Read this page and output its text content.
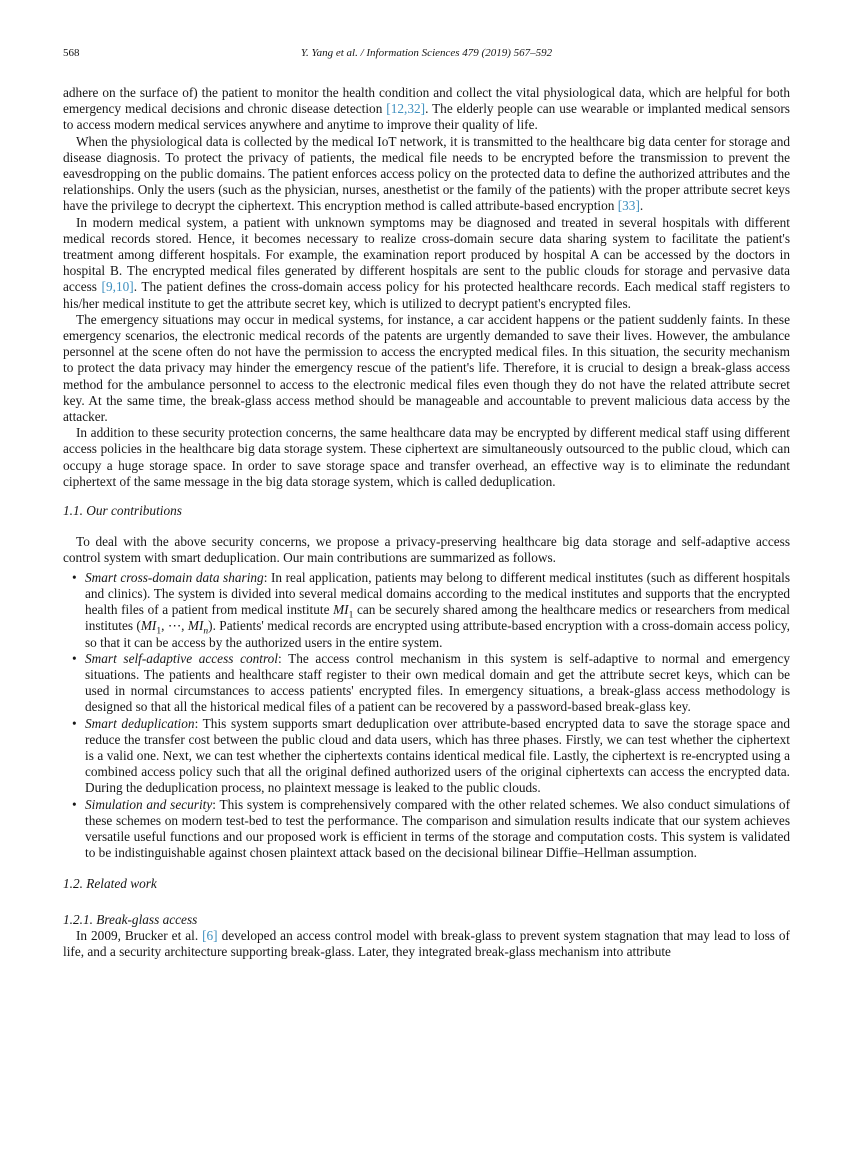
568	Y. Yang et al. / Information Sciences 479 (2019) 567–592

adhere on the surface of) the patient to monitor the health condition and collect the vital physiological data, which are helpful for both emergency medical decisions and chronic disease detection [12,32]. The elderly people can use wearable or implanted medical sensors to access modern medical services anywhere and anytime to improve their quality of life.

When the physiological data is collected by the medical IoT network, it is transmitted to the healthcare big data center for storage and disease diagnosis. To protect the privacy of patients, the medical file needs to be encrypted before the transmission to prevent the eavesdropping on the public domains. The patient enforces access policy on the protected data to define the authorized attributes and the relationships. Only the users (such as the physician, nurses, anesthetist or the family of the patients) with the proper attribute secret keys have the privilege to decrypt the ciphertext. This encryption method is called attribute-based encryption [33].

In modern medical system, a patient with unknown symptoms may be diagnosed and treated in several hospitals with different medical records stored. Hence, it becomes necessary to realize cross-domain secure data sharing system to facilitate the patient's treatment among different hospitals. For example, the examination report produced by hospital A can be accessed by the doctors in hospital B. The encrypted medical files generated by different hospitals are sent to the public clouds for storage and pervasive data access [9,10]. The patient defines the cross-domain access policy for his protected healthcare records. Each medical staff registers to his/her medical institute to get the attribute secret key, which is utilized to decrypt patient's encrypted files.

The emergency situations may occur in medical systems, for instance, a car accident happens or the patient suddenly faints. In these emergency scenarios, the electronic medical records of the patents are urgently demanded to save their lives. However, the ambulance personnel at the scene often do not have the permission to access the encrypted medical files. In this situation, the security mechanism to protect the data privacy may hinder the emergency rescue of the patient's life. Therefore, it is crucial to design a break-glass access method for the ambulance personnel to access to the electronic medical files even though they do not have the related attribute secret key. At the same time, the break-glass access method should be manageable and accountable to prevent malicious data access by the attacker.

In addition to these security protection concerns, the same healthcare data may be encrypted by different medical staff using different access policies in the healthcare big data storage system. These ciphertext are simultaneously outsourced to the public cloud, which can occupy a huge storage space. In order to save storage space and transfer overhead, an effective way is to eliminate the redundant ciphertext of the same message in the big data storage system, which is called deduplication.

1.1. Our contributions

To deal with the above security concerns, we propose a privacy-preserving healthcare big data storage and self-adaptive access control system with smart deduplication. Our main contributions are summarized as follows.

• Smart cross-domain data sharing: In real application, patients may belong to different medical institutes (such as different hospitals and clinics). The system is divided into several medical domains according to the medical institutes and supports that the encrypted health files of a patient from medical institute $MI_1$ can be securely shared among the healthcare medics or researchers from medical institutes ($MI_1$, ⋯, $MI_n$). Patients' medical records are encrypted using attribute-based encryption with a cross-domain access policy, so that it can be access by the authorized users in the entire system.
• Smart self-adaptive access control: The access control mechanism in this system is self-adaptive to normal and emergency situations. The patients and healthcare staff register to their own medical domain and get the attribute secret keys, which can be used in normal circumstances to access patients' encrypted files. In emergency situations, a break-glass access methodology is designed so that all the historical medical files of a patient can be recovered by a password-based break-glass key.
• Smart deduplication: This system supports smart deduplication over attribute-based encrypted data to save the storage space and reduce the transfer cost between the public cloud and data users, which has three phases. Firstly, we can test whether the ciphertext is a valid one. Next, we can test whether the ciphertexts contains identical medical file. Lastly, the ciphertext is re-encrypted using a combined access policy such that all the original defined authorized users of the original ciphertexts can access the encrypted data. During the deduplication process, no plaintext message is leaked to the public clouds.
• Simulation and security: This system is comprehensively compared with the other related schemes. We also conduct simulations of these schemes on modern test-bed to test the performance. The comparison and simulation results indicate that our system achieves versatile useful functions and our proposed work is efficient in terms of the storage and computation costs. This system is validated to be indistinguishable against chosen plaintext attack based on the decisional bilinear Diffie–Hellman assumption.
1.2. Related work
1.2.1. Break-glass access

In 2009, Brucker et al. [6] developed an access control model with break-glass to prevent system stagnation that may lead to loss of life, and a security architecture supporting break-glass. Later, they integrated break-glass mechanism into attribute
